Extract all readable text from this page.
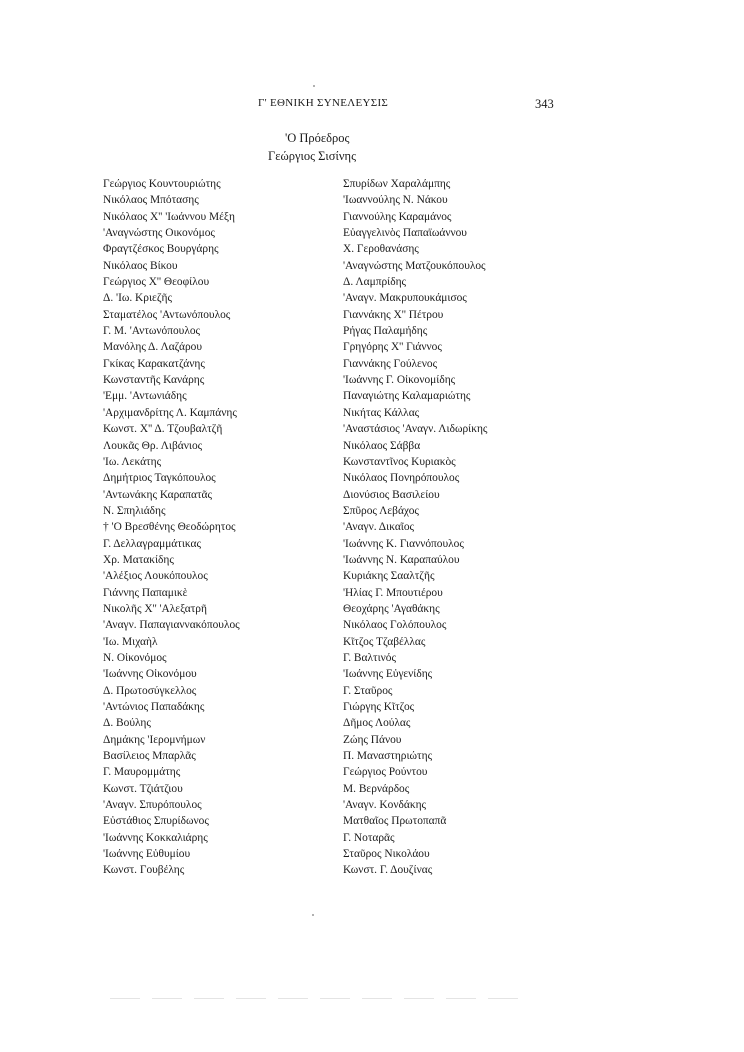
Γ' ΕΘΝΙΚΗ ΣΥΝΕΛΕΥΣΙΣ	343
'Ο Πρόεδρος
Γεώργιος Σισίνης
Γεώργιος Κουντουριώτης
Νικόλαος Μπότασης
Νικόλαος Χ'' 'Ιωάννου Μέξη
'Αναγνώστης Οικονόμος
Φραγτζέσκος Βουργάρης
Νικόλαος Βίκου
Γεώργιος Χ'' Θεοφίλου
Δ. 'Ιω. Κριεζῆς
Σταματέλος 'Αντωνόπουλος
Γ. Μ. 'Αντωνόπουλος
Μανόλης Δ. Λαζάρου
Γκίκας Καρακατζάνης
Κωνσταντῆς Κανάρης
'Εμμ. 'Αντωνιάδης
'Αρχιμανδρίτης Λ. Καμπάνης
Κωνστ. Χ'' Δ. Τζουβαλτζῆ
Λουκᾶς Θρ. Λιβάνιος
'Ιω. Λεκάτης
Δημήτριος Ταγκόπουλος
'Αντωνάκης Καραπατᾶς
Ν. Σπηλιάδης
† 'Ο Βρεσθένης Θεοδώρητος
Γ. Δελλαγραμμάτικας
Χρ. Ματακίδης
'Αλέξιος Λουκόπουλος
Γιάννης Παπαμικὲ
Νικολῆς Χ'' 'Αλεξατρῆ
'Αναγν. Παπαγιαννακόπουλος
'Ιω. Μιχαὴλ
Ν. Οἰκονόμος
'Ιωάννης Οἰκονόμου
Δ. Πρωτοσύγκελλος
'Αντώνιος Παπαδάκης
Δ. Βούλης
Δημάκης 'Ιερομνήμων
Βασίλειος Μπαρλᾶς
Γ. Μαυρομμάτης
Κωνστ. Τζιάτζιου
'Αναγν. Σπυρόπουλος
Εὐστάθιος Σπυρίδωνος
'Ιωάννης Κοκκαλιάρης
'Ιωάννης Εὐθυμίου
Κωνστ. Γουβέλης
Σπυρίδων Χαραλάμπης
'Ιωαννούλης Ν. Νάκου
Γιαννούλης Καραμάνος
Εὐαγγελινὸς Παπαϊωάννου
Χ. Γεροθανάσης
'Αναγνώστης Ματζουκόπουλος
Δ. Λαμπρίδης
'Αναγν. Μακρυπουκάμισος
Γιαννάκης Χ'' Πέτρου
Ρήγας Παλαμήδης
Γρηγόρης Χ'' Γιάννος
Γιαννάκης Γούλενος
'Ιωάννης Γ. Οἰκονομίδης
Παναγιώτης Καλαμαριώτης
Νικήτας Κάλλας
'Αναστάσιος 'Αναγν. Λιδωρίκης
Νικόλαος Σάββα
Κωνσταντῖνος Κυριακὸς
Νικόλαος Πονηρόπουλος
Διονύσιος Βασιλείου
Σπῦρος Λεβάχος
'Αναγν. Δικαῖος
'Ιωάννης Κ. Γιαννόπουλος
'Ιωάννης Ν. Καραπαύλου
Κυριάκης Σααλτζῆς
'Ηλίας Γ. Μπουτιέρου
Θεοχάρης 'Αγαθάκης
Νικόλαος Γολόπουλος
Κῖτζος Τζαβέλλας
Γ. Βαλτινός
'Ιωάννης Εὐγενίδης
Γ. Σταῦρος
Γιώργης Κῖτζος
Δῆμος Λούλας
Ζώης Πάνου
Π. Μαναστηριώτης
Γεώργιος Ρούντου
Μ. Βερνάρδος
'Αναγν. Κονδάκης
Ματθαῖος Πρωτοπαπᾶ
Γ. Νοταρᾶς
Σταῦρος Νικολάου
Κωνστ. Γ. Δουζίνας
